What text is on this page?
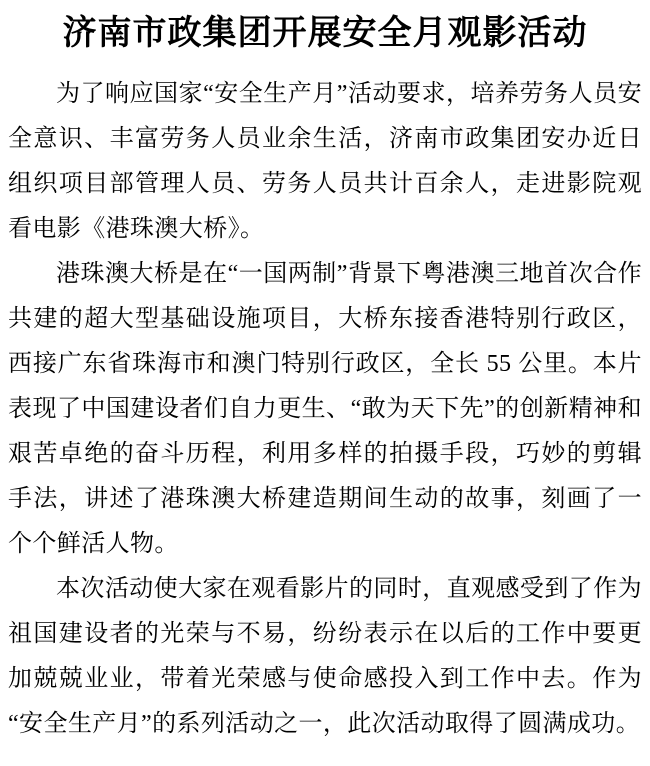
济南市政集团开展安全月观影活动

为了响应国家“安全生产月”活动要求，培养劳务人员安全意识、丰富劳务人员业余生活，济南市政集团安办近日组织项目部管理人员、劳务人员共计百余人，走进影院观看电影《港珠澳大桥》。

港珠澳大桥是在“一国两制”背景下粤港澳三地首次合作共建的超大型基础设施项目，大桥东接香港特别行政区，西接广东省珠海市和澳门特别行政区，全长 55 公里。本片表现了中国建设者们自力更生、“敢为天下先”的创新精神和艰苦卓绝的奋斗历程，利用多样的拍摄手段，巧妙的剪辑手法，讲述了港珠澳大桥建造期间生动的故事，刻画了一个个鲜活人物。

本次活动使大家在观看影片的同时，直观感受到了作为祖国建设者的光荣与不易，纷纷表示在以后的工作中要更加兢兢业业，带着光荣感与使命感投入到工作中去。作为“安全生产月”的系列活动之一，此次活动取得了圆满成功。
